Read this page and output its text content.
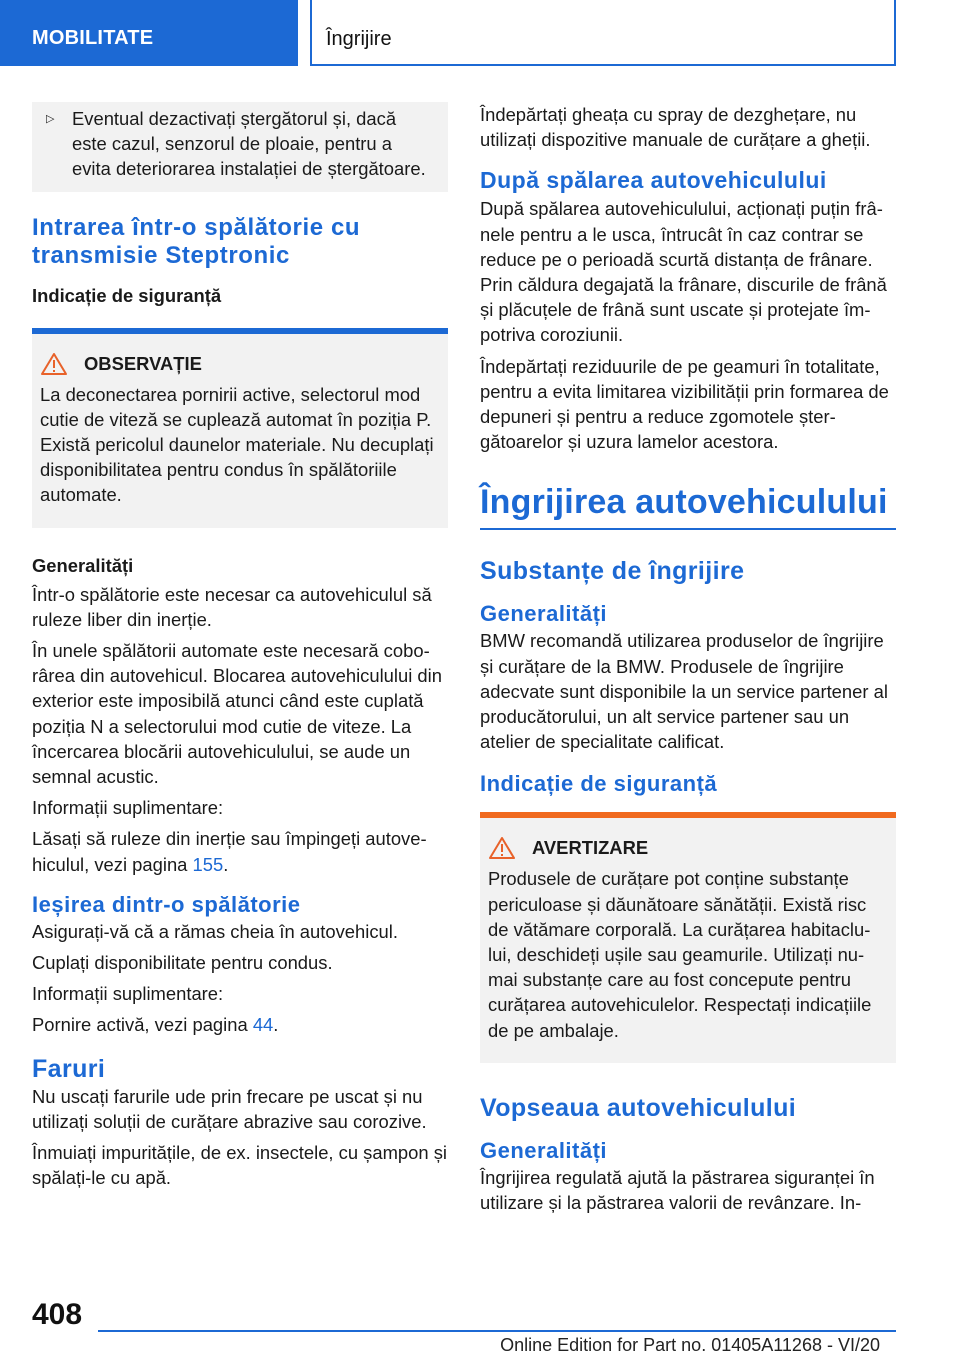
MOBILITATE	Îngrijire
▷ Eventual dezactivați ștergătorul și, dacă este cazul, senzorul de ploaie, pentru a evita deteriorarea instalației de ștergătoare.

Intrarea într-o spălătorie cu transmisie Steptronic
Indicație de siguranță
OBSERVAȚIE

La deconectarea pornirii active, selectorul mod cutie de viteză se cuplează automat în poziția P. Există pericolul daunelor materiale. Nu decuplați disponibilitatea pentru condus în spălătoriile automate.

Generalități

Într-o spălătorie este necesar ca autovehiculul să ruleze liber din inerție.

În unele spălătorii automate este necesară coborârea din autovehicul. Blocarea autovehiculului din exterior este imposibilă atunci când este cuplată poziția N a selectorului mod cutie de viteze. La încercarea blocării autovehiculului, se aude un semnal acustic.

Informații suplimentare:

Lăsați să ruleze din inerție sau împingeți autovehiculul, vezi pagina 155.

Ieșirea dintr-o spălătorie

Asigurați-vă că a rămas cheia în autovehicul.

Cuplați disponibilitate pentru condus.

Informații suplimentare:

Pornire activă, vezi pagina 44.

Faruri

Nu uscați farurile ude prin frecare pe uscat și nu utilizați soluții de curățare abrazive sau corozive.

Înmuiați impuritățile, de ex. insectele, cu șampon și spălați-le cu apă.

Îndepărtați gheața cu spray de dezghețare, nu utilizați dispozitive manuale de curățare a gheții.

După spălarea autovehiculului

După spălarea autovehiculului, acționați puțin frânele pentru a le usca, întrucât în caz contrar se reduce pe o perioadă scurtă distanța de frânare. Prin căldura degajată la frânare, discurile de frână și plăcuțele de frână sunt uscate și protejate împotriva coroziunii.

Îndepărtați reziduurile de pe geamuri în totalitate, pentru a evita limitarea vizibilității prin formarea de depuneri și pentru a reduce zgomotele ștergătoarelor și uzura lamelor acestora.

Îngrijirea autovehiculului
Substanțe de îngrijire
Generalități

BMW recomandă utilizarea produselor de îngrijire și curățare de la BMW. Produsele de îngrijire adecvate sunt disponibile la un service partener al producătorului, un alt service partener sau un atelier de specialitate calificat.

Indicație de siguranță
AVERTIZARE

Produsele de curățare pot conține substanțe periculoase și dăunătoare sănătății. Există risc de vătămare corporală. La curățarea habitaclului, deschideți ușile sau geamurile. Utilizați numai substanțe care au fost concepute pentru curățarea autovehiculelor. Respectați indicațiile de pe ambalaje.

Vopseaua autovehiculului
Generalități

Îngrijirea regulată ajută la păstrarea siguranței în utilizare și la păstrarea valorii de revânzare. In-

408
Online Edition for Part no. 01405A11268 - VI/20
